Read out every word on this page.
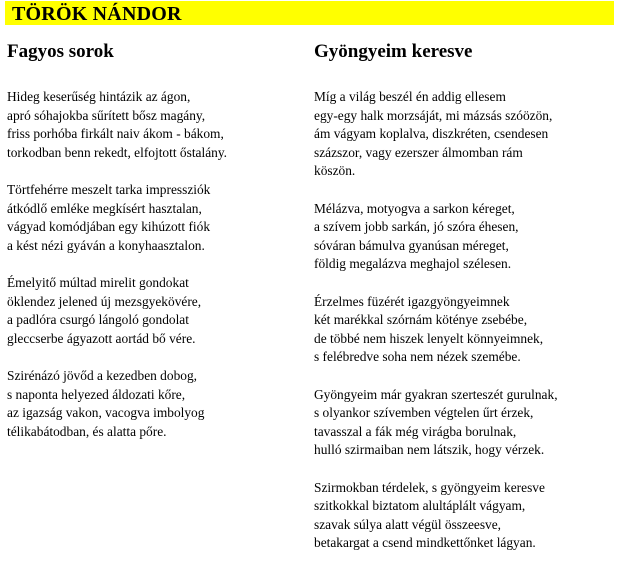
TÖRÖK NÁNDOR
Fagyos sorok
Hideg keserűség hintázik az ágon,
apró sóhajokba sűrített bősz magány,
friss porhóba firkált naiv ákom - bákom,
torkodban benn rekedt, elfojtott őstalány.
Törtfehérre meszelt tarka impressziók
átkódlő emléke megkísért hasztalan,
vágyad komódjában egy kihúzott fiók
a kést nézi gyáván a konyhaasztalon.
Émelyitő múltad mirelit gondokat
öklendez jelened új mezsgyekövére,
a padlóra csurgó lángoló gondolat
gleccserbe ágyazott aortád bő vére.
Szirénázó jövőd a kezedben dobog,
s naponta helyezed áldozati kőre,
az igazság vakon, vacogva imbolyog
télikabátodban, és alatta pőre.
Gyöngyeim keresve
Míg a világ beszél én addig ellesem
egy-egy halk morzsáját, mi mázsás szóözön,
ám vágyam koplalva, diszkréten, csendesen
százszor, vagy ezerszer álmomban rám
köszön.
Mélázva, motyogva a sarkon kéreget,
a szívem jobb sarkán, jó szóra éhesen,
sóváran bámulva gyanúsan méreget,
földig megalázva meghajol szélesen.
Érzelmes füzérét igazgyöngyeimnek
két marékkal szórnám kötényе zsebébe,
de többé nem hiszek lenyelt könnyeimnek,
s felébredve soha nem nézek szemébe.
Gyöngyeim már gyakran szerteszét gurulnak,
s olyankor szívemben végtelen űrt érzek,
tavasszal a fák még virágba borulnak,
hulló szirmaiban nem látszik, hogy vérzek.
Szirmokban térdelek, s gyöngyeim keresve
szitkokkal biztatom alultáplált vágyam,
szavak súlya alatt végül összeesve,
betakargat a csend mindkettőnket lágyan.
